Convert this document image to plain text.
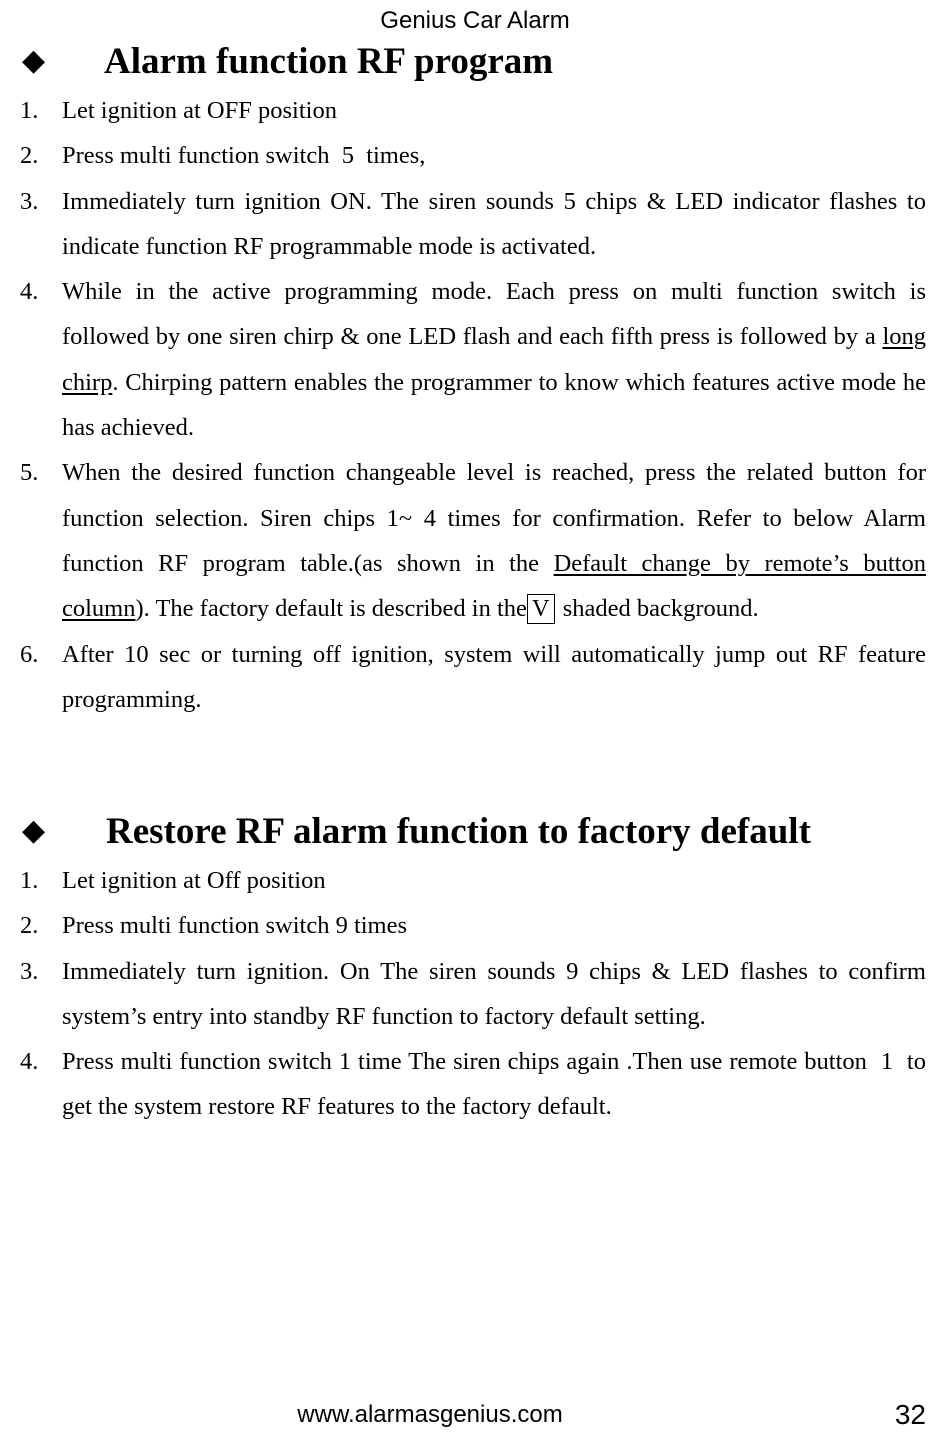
Genius Car Alarm
◆ Alarm function RF program
1. Let ignition at OFF position
2. Press multi function switch  5  times,
3. Immediately turn ignition ON. The siren sounds 5 chips & LED indicator flashes to indicate function RF programmable mode is activated.
4. While in the active programming mode. Each press on multi function switch is followed by one siren chirp & one LED flash and each fifth press is followed by a long chirp. Chirping pattern enables the programmer to know which features active mode he has achieved.
5. When the desired function changeable level is reached, press the related button for function selection. Siren chips 1~ 4 times for confirmation. Refer to below Alarm function RF program table.(as shown in the Default change by remote’s button column). The factory default is described in the V shaded background.
6. After 10 sec or turning off ignition, system will automatically jump out RF feature programming.
◆ Restore RF alarm function to factory default
1. Let ignition at Off position
2. Press multi function switch 9 times
3. Immediately turn ignition. On The siren sounds 9 chips & LED flashes to confirm system’s entry into standby RF function to factory default setting.
4. Press multi function switch 1 time The siren chips again .Then use remote button  1  to get the system restore RF features to the factory default.
www.alarmasgenius.com	32
